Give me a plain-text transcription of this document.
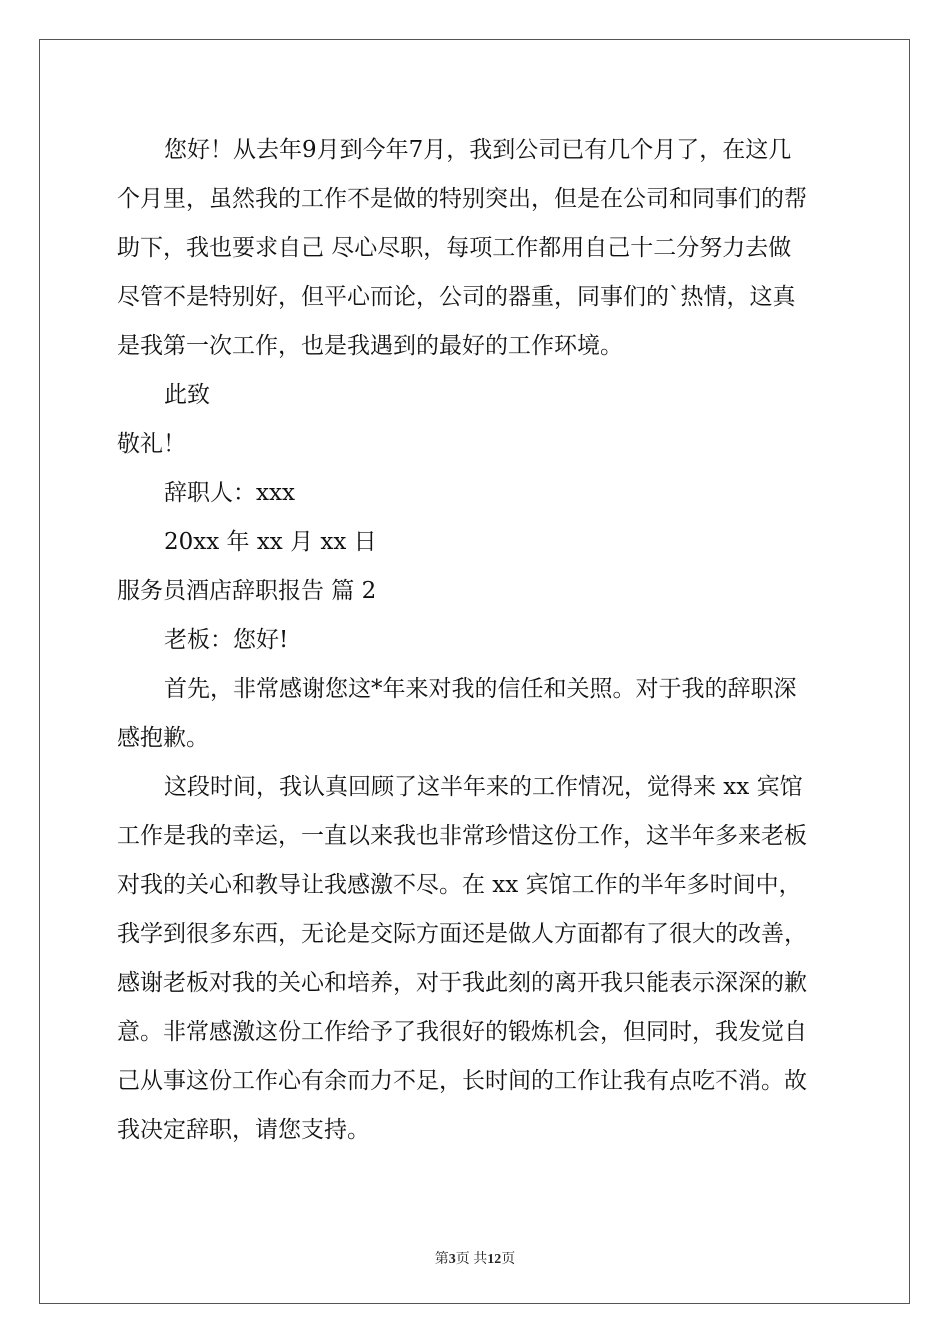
您好！从去年9月到今年7月，我到公司已有几个月了，在这几

个月里，虽然我的工作不是做的特别突出，但是在公司和同事们的帮

助下，我也要求自己 尽心尽职，每项工作都用自己十二分努力去做

尽管不是特别好，但平心而论，公司的器重，同事们的`热情，这真

是我第一次工作，也是我遇到的最好的工作环境。

此致

敬礼！

辞职人：xxx

20xx 年 xx 月 xx 日

服务员酒店辞职报告 篇 2

老板：您好!

首先，非常感谢您这*年来对我的信任和关照。对于我的辞职深

感抱歉。

这段时间，我认真回顾了这半年来的工作情况，觉得来 xx 宾馆

工作是我的幸运，一直以来我也非常珍惜这份工作，这半年多来老板

对我的关心和教导让我感激不尽。在 xx 宾馆工作的半年多时间中，

我学到很多东西，无论是交际方面还是做人方面都有了很大的改善，

感谢老板对我的关心和培养，对于我此刻的离开我只能表示深深的歉

意。非常感激这份工作给予了我很好的锻炼机会，但同时，我发觉自

己从事这份工作心有余而力不足，长时间的工作让我有点吃不消。故

我决定辞职，请您支持。

第3页 共12页
